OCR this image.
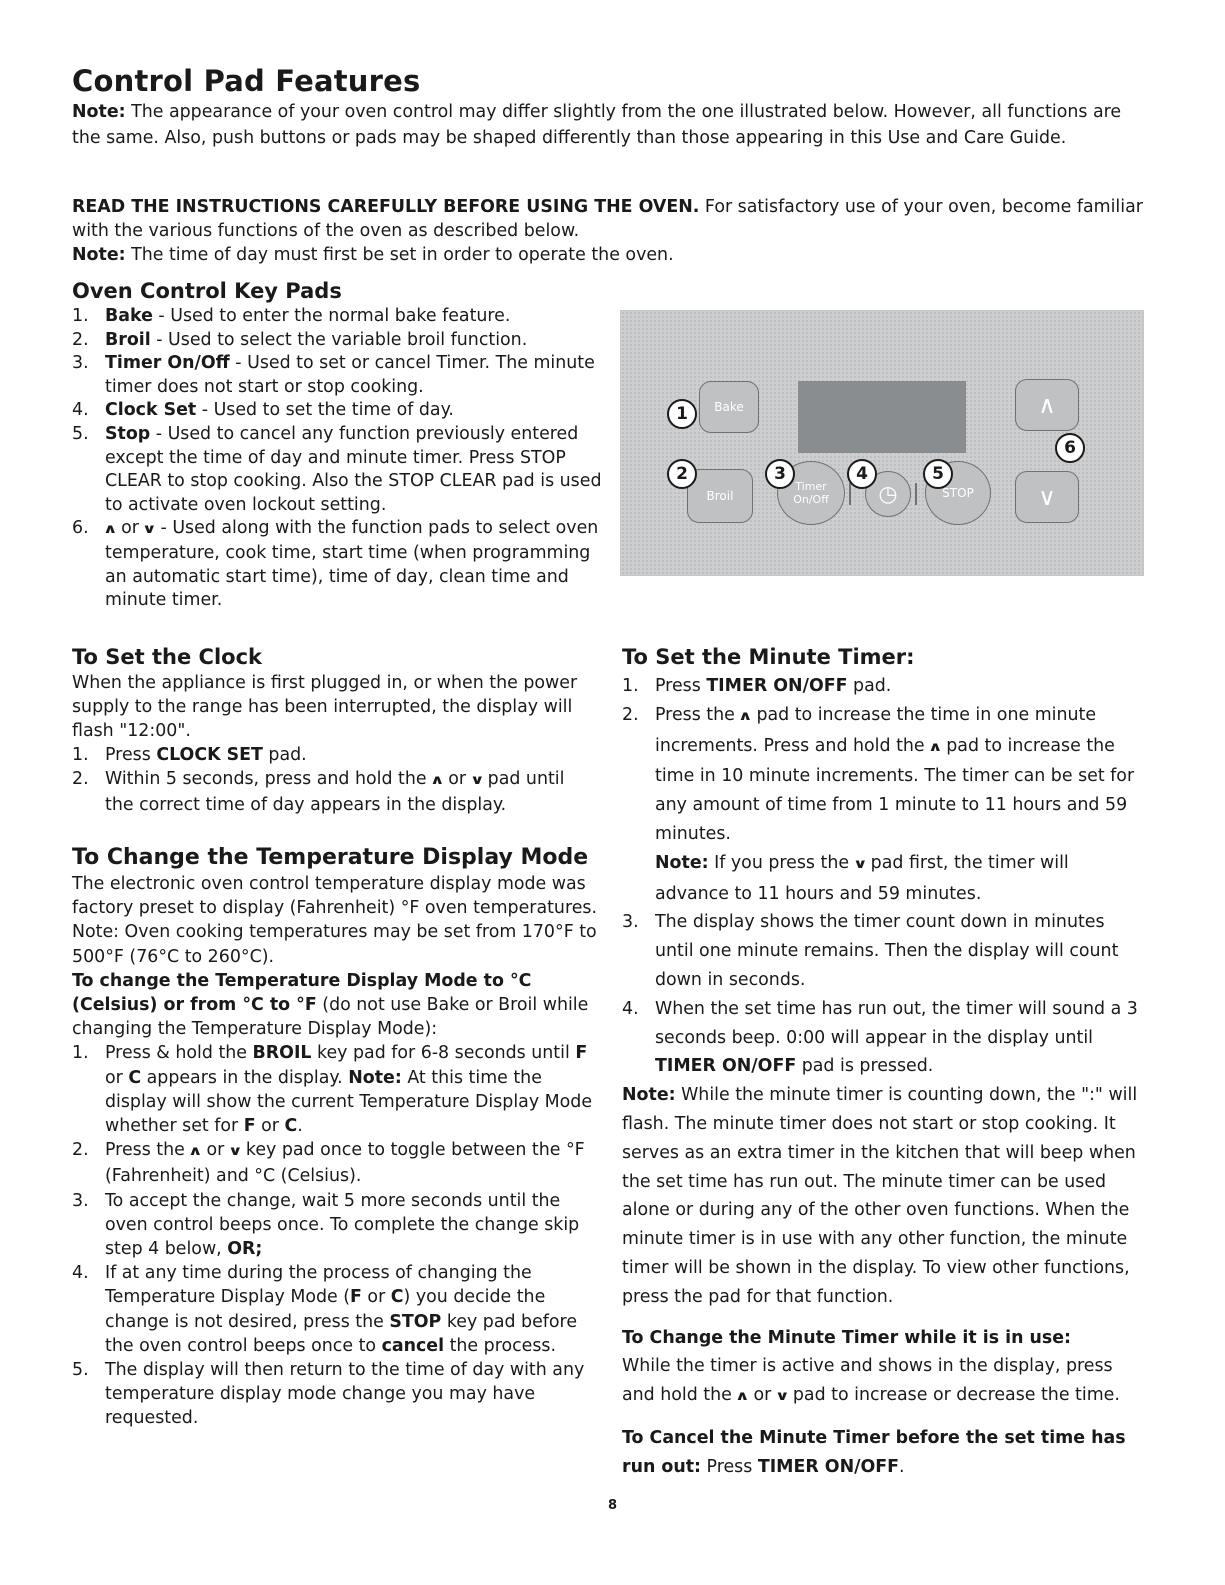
Control Pad Features

Note: The appearance of your oven control may differ slightly from the one illustrated below. However, all functions are the same. Also, push buttons or pads may be shaped differently than those appearing in this Use and Care Guide.

READ THE INSTRUCTIONS CAREFULLY BEFORE USING THE OVEN. For satisfactory use of your oven, become familiar with the various functions of the oven as described below.

Note: The time of day must first be set in order to operate the oven.

Oven Control Key Pads
1. Bake - Used to enter the normal bake feature.
2. Broil - Used to select the variable broil function.
3. Timer On/Off - Used to set or cancel Timer. The minute timer does not start or stop cooking.
4. Clock Set - Used to set the time of day.
5. Stop - Used to cancel any function previously entered except the time of day and minute timer. Press STOP CLEAR to stop cooking. Also the STOP CLEAR pad is used to activate oven lockout setting.
6. ∧ or ∨ - Used along with the function pads to select oven temperature, cook time, start time (when programming an automatic start time), time of day, clean time and minute timer.
Bake
Broil
Timer On/Off	◷	STOP
∧
∨
1
2	3	4	5
6
To Set the Clock

When the appliance is first plugged in, or when the power supply to the range has been interrupted, the display will flash "12:00".

1. Press CLOCK SET pad.
2. Within 5 seconds, press and hold the ∧ or ∨ pad until the correct time of day appears in the display.
To Change the Temperature Display Mode

The electronic oven control temperature display mode was factory preset to display (Fahrenheit) °F oven temperatures. Note: Oven cooking temperatures may be set from 170°F to 500°F (76°C to 260°C).

To change the Temperature Display Mode to °C (Celsius) or from °C to °F (do not use Bake or Broil while changing the Temperature Display Mode):

1. Press & hold the BROIL key pad for 6-8 seconds until F or C appears in the display. Note: At this time the display will show the current Temperature Display Mode whether set for F or C.
2. Press the ∧ or ∨ key pad once to toggle between the °F (Fahrenheit) and °C (Celsius).
3. To accept the change, wait 5 more seconds until the oven control beeps once. To complete the change skip step 4 below, OR;
4. If at any time during the process of changing the Temperature Display Mode (F or C) you decide the change is not desired, press the STOP key pad before the oven control beeps once to cancel the process.
5. The display will then return to the time of day with any temperature display mode change you may have requested.
To Set the Minute Timer:
1. Press TIMER ON/OFF pad.
2. Press the ∧ pad to increase the time in one minute increments. Press and hold the ∧ pad to increase the time in 10 minute increments. The timer can be set for any amount of time from 1 minute to 11 hours and 59 minutes.
Note: If you press the ∨ pad first, the timer will advance to 11 hours and 59 minutes.
3. The display shows the timer count down in minutes until one minute remains. Then the display will count down in seconds.
4. When the set time has run out, the timer will sound a 3 seconds beep. 0:00 will appear in the display until TIMER ON/OFF pad is pressed.

Note: While the minute timer is counting down, the ":" will flash. The minute timer does not start or stop cooking. It serves as an extra timer in the kitchen that will beep when the set time has run out. The minute timer can be used alone or during any of the other oven functions. When the minute timer is in use with any other function, the minute timer will be shown in the display. To view other functions, press the pad for that function.

To Change the Minute Timer while it is in use:

While the timer is active and shows in the display, press and hold the ∧ or ∨ pad to increase or decrease the time.

To Cancel the Minute Timer before the set time has run out: Press TIMER ON/OFF.

8
